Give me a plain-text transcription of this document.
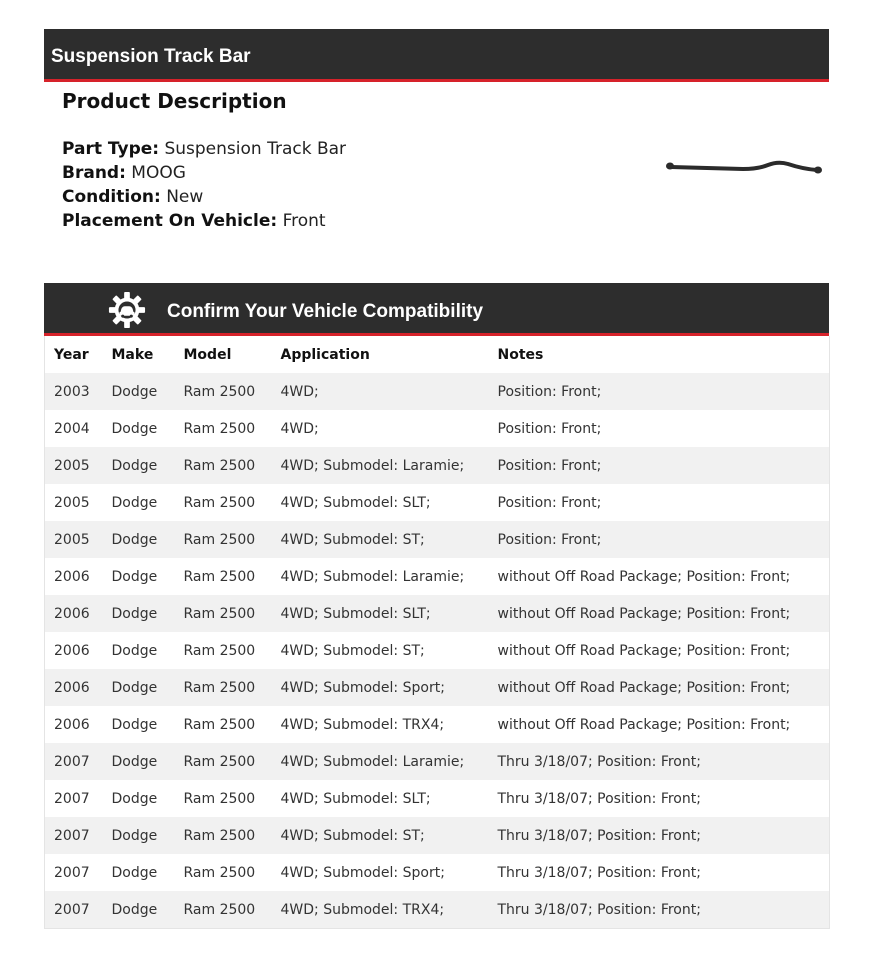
Suspension Track Bar
Product Description
Part Type: Suspension Track Bar
Brand: MOOG
Condition: New
Placement On Vehicle: Front
Confirm Your Vehicle Compatibility
Year	Make	Model	Application	Notes
2003	Dodge	Ram 2500	4WD;	Position: Front;
2004	Dodge	Ram 2500	4WD;	Position: Front;
2005	Dodge	Ram 2500	4WD; Submodel: Laramie;	Position: Front;
2005	Dodge	Ram 2500	4WD; Submodel: SLT;	Position: Front;
2005	Dodge	Ram 2500	4WD; Submodel: ST;	Position: Front;
2006	Dodge	Ram 2500	4WD; Submodel: Laramie;	without Off Road Package; Position: Front;
2006	Dodge	Ram 2500	4WD; Submodel: SLT;	without Off Road Package; Position: Front;
2006	Dodge	Ram 2500	4WD; Submodel: ST;	without Off Road Package; Position: Front;
2006	Dodge	Ram 2500	4WD; Submodel: Sport;	without Off Road Package; Position: Front;
2006	Dodge	Ram 2500	4WD; Submodel: TRX4;	without Off Road Package; Position: Front;
2007	Dodge	Ram 2500	4WD; Submodel: Laramie;	Thru 3/18/07; Position: Front;
2007	Dodge	Ram 2500	4WD; Submodel: SLT;	Thru 3/18/07; Position: Front;
2007	Dodge	Ram 2500	4WD; Submodel: ST;	Thru 3/18/07; Position: Front;
2007	Dodge	Ram 2500	4WD; Submodel: Sport;	Thru 3/18/07; Position: Front;
2007	Dodge	Ram 2500	4WD; Submodel: TRX4;	Thru 3/18/07; Position: Front;
